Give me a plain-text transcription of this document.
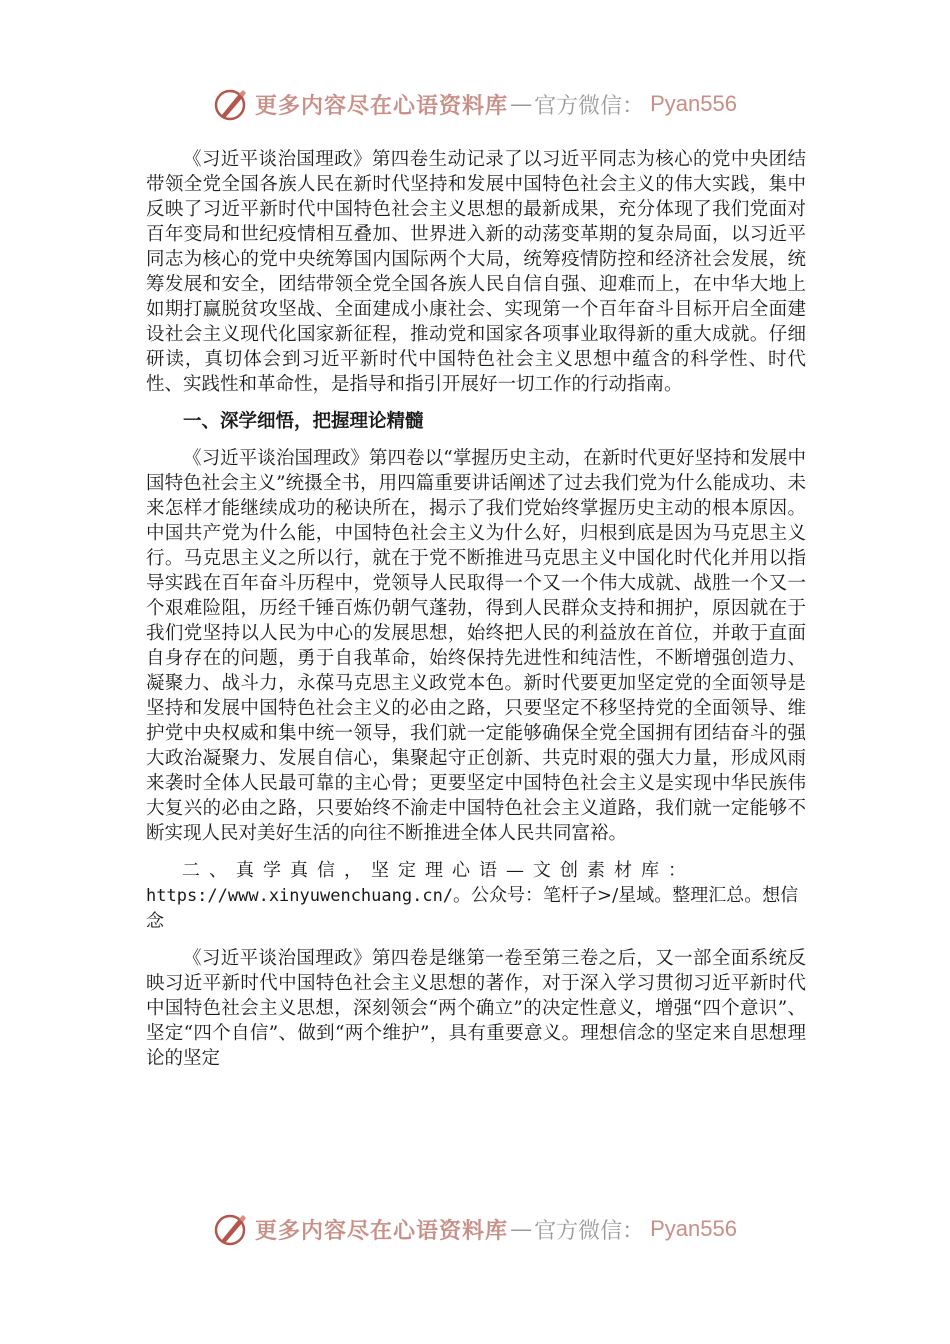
更多内容尽在心语资料库 — 官方微信： Pyan556

《习近平谈治国理政》第四卷生动记录了以习近平同志为核心的党中央团结带领全党全国各族人民在新时代坚持和发展中国特色社会主义的伟大实践，集中反映了习近平新时代中国特色社会主义思想的最新成果，充分体现了我们党面对百年变局和世纪疫情相互叠加、世界进入新的动荡变革期的复杂局面，以习近平同志为核心的党中央统筹国内国际两个大局，统筹疫情防控和经济社会发展，统筹发展和安全，团结带领全党全国各族人民自信自强、迎难而上，在中华大地上如期打赢脱贫攻坚战、全面建成小康社会、实现第一个百年奋斗目标开启全面建设社会主义现代化国家新征程，推动党和国家各项事业取得新的重大成就。仔细研读，真切体会到习近平新时代中国特色社会主义思想中蕴含的科学性、时代性、实践性和革命性，是指导和指引开展好一切工作的行动指南。

一、深学细悟，把握理论精髓

《习近平谈治国理政》第四卷以“掌握历史主动，在新时代更好坚持和发展中国特色社会主义”统摄全书，用四篇重要讲话阐述了过去我们党为什么能成功、未来怎样才能继续成功的秘诀所在，揭示了我们党始终掌握历史主动的根本原因。中国共产党为什么能，中国特色社会主义为什么好，归根到底是因为马克思主义行。马克思主义之所以行，就在于党不断推进马克思主义中国化时代化并用以指导实践在百年奋斗历程中，党领导人民取得一个又一个伟大成就、战胜一个又一个艰难险阻，历经千锤百炼仍朝气蓬勃，得到人民群众支持和拥护，原因就在于我们党坚持以人民为中心的发展思想，始终把人民的利益放在首位，并敢于直面自身存在的问题，勇于自我革命，始终保持先进性和纯洁性，不断增强创造力、凝聚力、战斗力，永葆马克思主义政党本色。新时代要更加坚定党的全面领导是坚持和发展中国特色社会主义的必由之路，只要坚定不移坚持党的全面领导、维护党中央权威和集中统一领导，我们就一定能够确保全党全国拥有团结奋斗的强大政治凝聚力、发展自信心，集聚起守正创新、共克时艰的强大力量，形成风雨来袭时全体人民最可靠的主心骨；更要坚定中国特色社会主义是实现中华民族伟大复兴的必由之路，只要始终不渝走中国特色社会主义道路，我们就一定能够不断实现人民对美好生活的向往不断推进全体人民共同富裕。

二、真学真信，坚定理心语—文创素材库：https://www.xinyuwenchuang.cn/。公众号：笔杆子>/星域。整理汇总。想信念

《习近平谈治国理政》第四卷是继第一卷至第三卷之后，又一部全面系统反映习近平新时代中国特色社会主义思想的著作，对于深入学习贯彻习近平新时代中国特色社会主义思想，深刻领会“两个确立”的决定性意义，增强“四个意识”、坚定“四个自信”、做到“两个维护”，具有重要意义。理想信念的坚定来自思想理论的坚定

更多内容尽在心语资料库 — 官方微信： Pyan556
